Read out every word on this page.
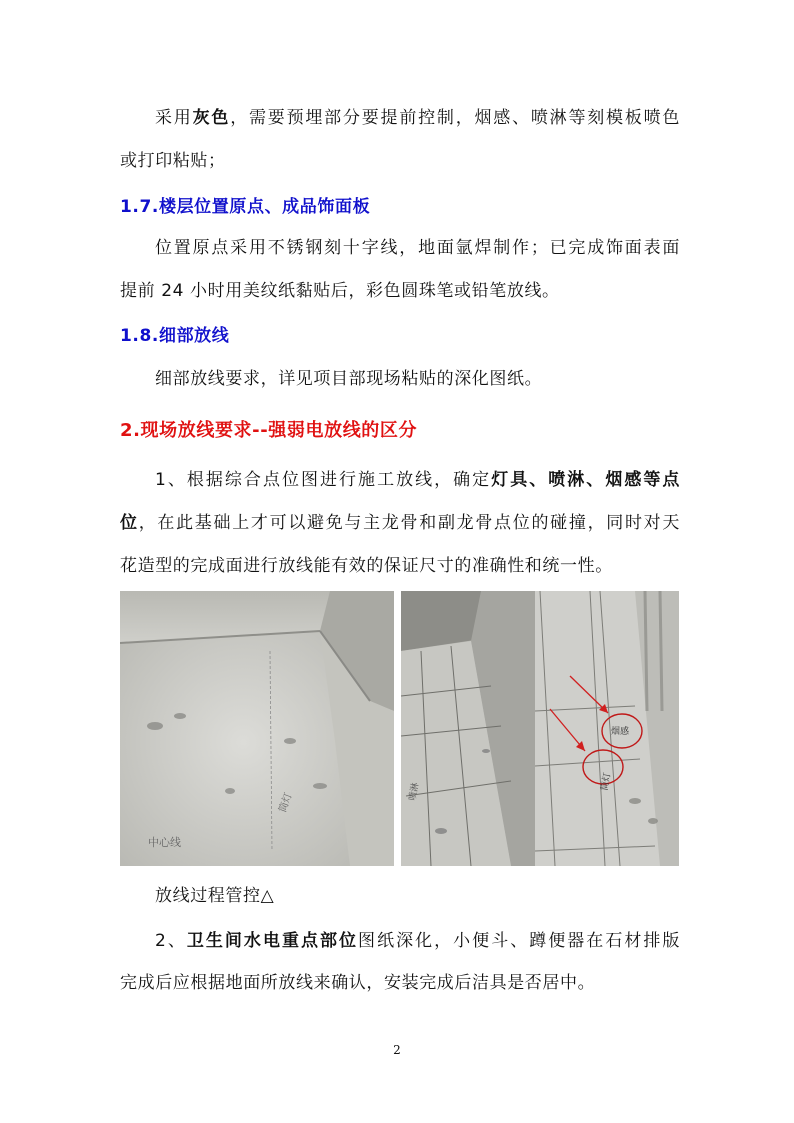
采用灰色，需要预埋部分要提前控制，烟感、喷淋等刻模板喷色
或打印粘贴；
1.7.楼层位置原点、成品饰面板
位置原点采用不锈钢刻十字线，地面氩焊制作；已完成饰面表面
提前 24 小时用美纹纸黏贴后，彩色圆珠笔或铅笔放线。
1.8.细部放线
细部放线要求，详见项目部现场粘贴的深化图纸。
2.现场放线要求--强弱电放线的区分
1、根据综合点位图进行施工放线，确定灯具、喷淋、烟感等点
位，在此基础上才可以避免与主龙骨和副龙骨点位的碰撞，同时对天
花造型的完成面进行放线能有效的保证尺寸的准确性和统一性。
中心线
筒灯	喷淋
烟感
筒灯
放线过程管控△
2、卫生间水电重点部位图纸深化，小便斗、蹲便器在石材排版
完成后应根据地面所放线来确认，安装完成后洁具是否居中。
2
